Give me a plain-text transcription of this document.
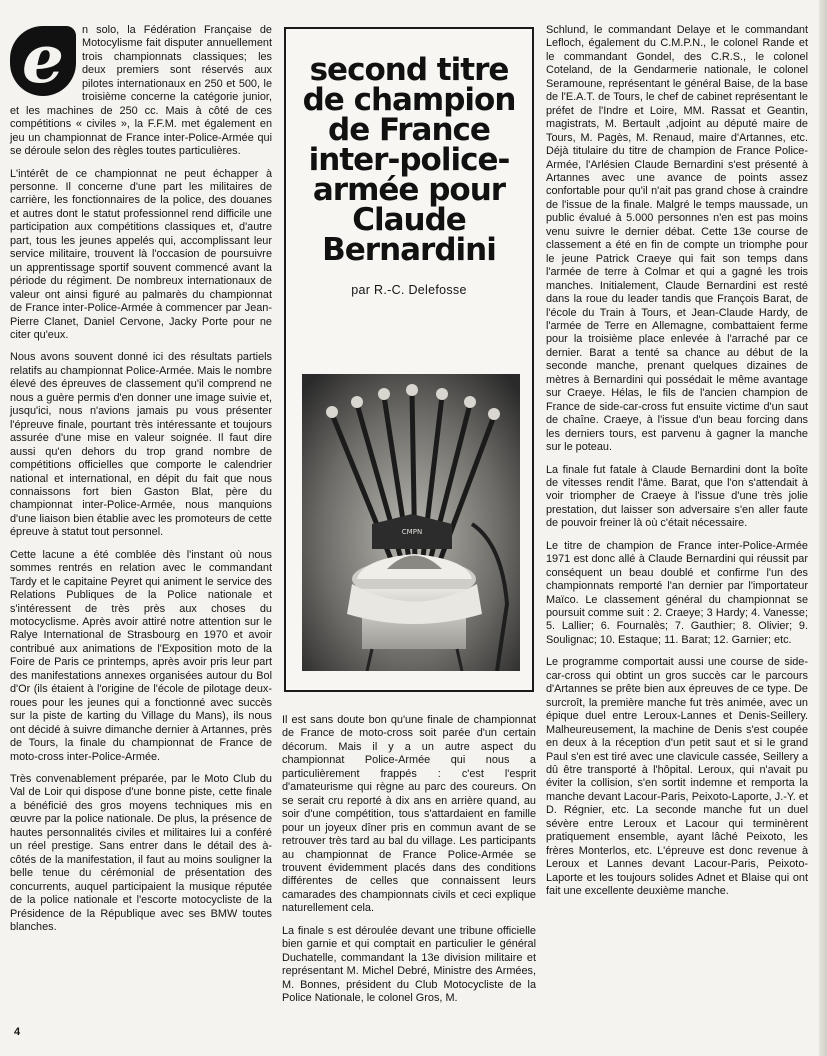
e	n solo, la Fédération Française de Motocylisme fait disputer annuellement trois championnats classiques; les deux premiers sont réservés aux pilotes internationaux en 250 et 500, le troisième concerne la catégorie junior, et les machines de 250 cc. Mais à côté de ces compétitions « civiles », la F.F.M. met également en jeu un championnat de France inter-Police-Armée qui se déroule selon des règles toutes particulières.

L'intérêt de ce championnat ne peut échapper à personne. Il concerne d'une part les militaires de carrière, les fonctionnaires de la police, des douanes et autres dont le statut professionnel rend difficile une participation aux compétitions classiques et, d'autre part, tous les jeunes appelés qui, accomplissant leur service militaire, trouvent là l'occasion de poursuivre un apprentissage sportif souvent commencé avant la période du régiment. De nombreux internationaux de valeur ont ainsi figuré au palmarès du championnat de France inter-Police-Armée à commencer par Jean-Pierre Clanet, Daniel Cervone, Jacky Porte pour ne citer qu'eux.

Nous avons souvent donné ici des résultats partiels relatifs au championnat Police-Armée. Mais le nombre élevé des épreuves de classement qu'il comprend ne nous a guère permis d'en donner une image suivie et, jusqu'ici, nous n'avions jamais pu vous présenter l'épreuve finale, pourtant très intéressante et toujours assurée d'une mise en valeur soignée. Il faut dire aussi qu'en dehors du trop grand nombre de compétitions officielles que comporte le calendrier national et international, en dépit du fait que nous connaissons fort bien Gaston Blat, père du championnat inter-Police-Armée, nous manquions d'une liaison bien établie avec les promoteurs de cette épreuve à statut tout personnel.

Cette lacune a été comblée dès l'instant où nous sommes rentrés en relation avec le commandant Tardy et le capitaine Peyret qui animent le service des Relations Publiques de la Police nationale et s'intéressent de très près aux choses du motocyclisme. Après avoir attiré notre attention sur le Ralye International de Strasbourg en 1970 et avoir contribué aux animations de l'Exposition moto de la Foire de Paris ce printemps, après avoir pris leur part des manifestations annexes organisées autour du Bol d'Or (ils étaient à l'origine de l'école de pilotage deux-roues pour les jeunes qui a fonctionné avec succès sur la piste de karting du Village du Mans), ils nous ont décidé à suivre dimanche dernier à Artannes, près de Tours, la finale du championnat de France de moto-cross inter-Police-Armée.

Très convenablement préparée, par le Moto Club du Val de Loir qui dispose d'une bonne piste, cette finale a bénéficié des gros moyens techniques mis en œuvre par la police nationale. De plus, la présence de hautes personnalités civiles et militaires lui a conféré un réel prestige. Sans entrer dans le détail des à-côtés de la manifestation, il faut au moins souligner la belle tenue du cérémonial de présentation des concurrents, auquel participaient la musique réputée de la police nationale et l'escorte motocycliste de la Présidence de la République avec ses BMW toutes blanches.

second titre de champion de France inter-police-armée pour Claude Bernardini
par R.-C. Delefosse
CMPN

Il est sans doute bon qu'une finale de championnat de France de moto-cross soit parée d'un certain décorum. Mais il y a un autre aspect du championnat Police-Armée qui nous a particulièrement frappés : c'est l'esprit d'amateurisme qui règne au parc des coureurs. On se serait cru reporté à dix ans en arrière quand, au soir d'une compétition, tous s'attardaient en famille pour un joyeux dîner pris en commun avant de se retrouver très tard au bal du village. Les participants au championnat de France Police-Armée se trouvent évidemment placés dans des conditions différentes de celles que connaissent leurs camarades des championnats civils et ceci explique naturellement cela.

La finale s est déroulée devant une tribune officielle bien garnie et qui comptait en particulier le général Duchatelle, commandant la 13e division militaire et représentant M. Michel Debré, Ministre des Armées, M. Bonnes, président du Club Motocycliste de la Police Nationale, le colonel Gros, M.

Schlund, le commandant Delaye et le commandant Lefloch, également du C.M.P.N., le colonel Rande et le commandant Gondel, des C.R.S., le colonel Coteland, de la Gendarmerie nationale, le colonel Seramoune, représentant le général Baise, de la base de l'E.A.T. de Tours, le chef de cabinet représentant le préfet de l'Indre et Loire, MM. Rassat et Geantin, magistrats, M. Bertault ,adjoint au député maire de Tours, M. Pagès, M. Renaud, maire d'Artannes, etc. Déjà titulaire du titre de champion de France Police-Armée, l'Arlésien Claude Bernardini s'est présenté à Artannes avec une avance de points assez confortable pour qu'il n'ait pas grand chose à craindre de l'issue de la finale. Malgré le temps maussade, un public évalué à 5.000 personnes n'en est pas moins venu suivre le dernier débat. Cette 13e course de classement a été en fin de compte un triomphe pour le jeune Patrick Craeye qui fait son temps dans l'armée de terre à Colmar et qui a gagné les trois manches. Initialement, Claude Bernardini est resté dans la roue du leader tandis que François Barat, de l'école du Train à Tours, et Jean-Claude Hardy, de l'armée de Terre en Allemagne, combattaient ferme pour la troisième place enlevée à l'arraché par ce dernier. Barat a tenté sa chance au début de la seconde manche, prenant quelques dizaines de mètres à Bernardini qui possédait le même avantage sur Craeye. Hélas, le fils de l'ancien champion de France de side-car-cross fut ensuite victime d'un saut de chaîne. Craeye, à l'issue d'un beau forcing dans les derniers tours, est parvenu à gagner la manche sur le poteau.

La finale fut fatale à Claude Bernardini dont la boîte de vitesses rendit l'âme. Barat, que l'on s'attendait à voir triompher de Craeye à l'issue d'une très jolie prestation, dut laisser son adversaire s'en aller faute de pouvoir freiner là où c'était nécessaire.

Le titre de champion de France inter-Police-Armée 1971 est donc allé à Claude Bernardini qui réussit par conséquent un beau doublé et confirme l'un des championnats remporté l'an dernier par l'importateur Maïco. Le classement général du championnat se poursuit comme suit : 2. Craeye; 3 Hardy; 4. Vanesse; 5. Lallier; 6. Fournalès; 7. Gauthier; 8. Olivier; 9. Soulignac; 10. Estaque; 11. Barat; 12. Garnier; etc.

Le programme comportait aussi une course de side-car-cross qui obtint un gros succès car le parcours d'Artannes se prête bien aux épreuves de ce type. De surcroît, la première manche fut très animée, avec un épique duel entre Leroux-Lannes et Denis-Seillery. Malheureusement, la machine de Denis s'est coupée en deux à la réception d'un petit saut et si le grand Paul s'en est tiré avec une clavicule cassée, Seillery a dû être transporté à l'hôpital. Leroux, qui n'avait pu éviter la collision, s'en sortit indemne et remporta la manche devant Lacour-Paris, Peixoto-Laporte, J.-Y. et D. Régnier, etc. La seconde manche fut un duel sévère entre Leroux et Lacour qui terminèrent pratiquement ensemble, ayant lâché Peixoto, les frères Monterlos, etc. L'épreuve est donc revenue à Leroux et Lannes devant Lacour-Paris, Peixoto-Laporte et les toujours solides Adnet et Blaise qui ont fait une excellente deuxième manche.

4
